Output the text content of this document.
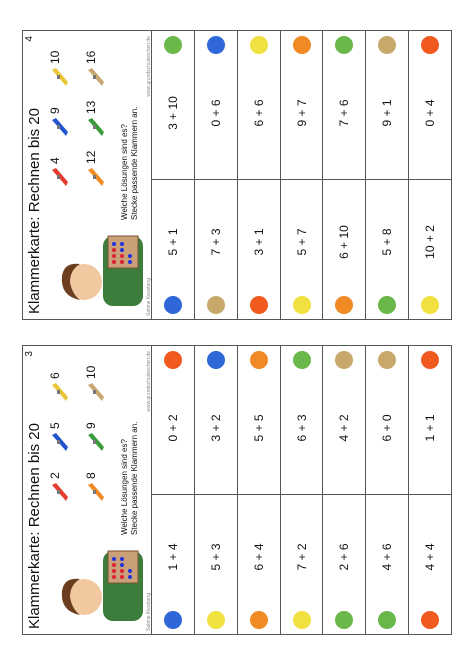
Klammerkarte: Rechnen bis 20
4
4
9
10
12
13
16
Welche Lösungen sind es? Stecke passende Klammern an.
Sabine Kessberg
www.grundschulzeichen.de
5 + 1
3 + 10
7 + 3
0 + 6
3 + 1
6 + 6
5 + 7
9 + 7
6 + 10
7 + 6
5 + 8
9 + 1
10 + 2
0 + 4
Klammerkarte: Rechnen bis 20
3
2
5
6
8
9
10
Welche Lösungen sind es? Stecke passende Klammern an.
Sabine Kessberg
www.grundschulzeichen.de
1 + 4
0 + 2
5 + 3
3 + 2
6 + 4
5 + 5
7 + 2
6 + 3
2 + 6
4 + 2
4 + 6
6 + 0
4 + 4
1 + 1
